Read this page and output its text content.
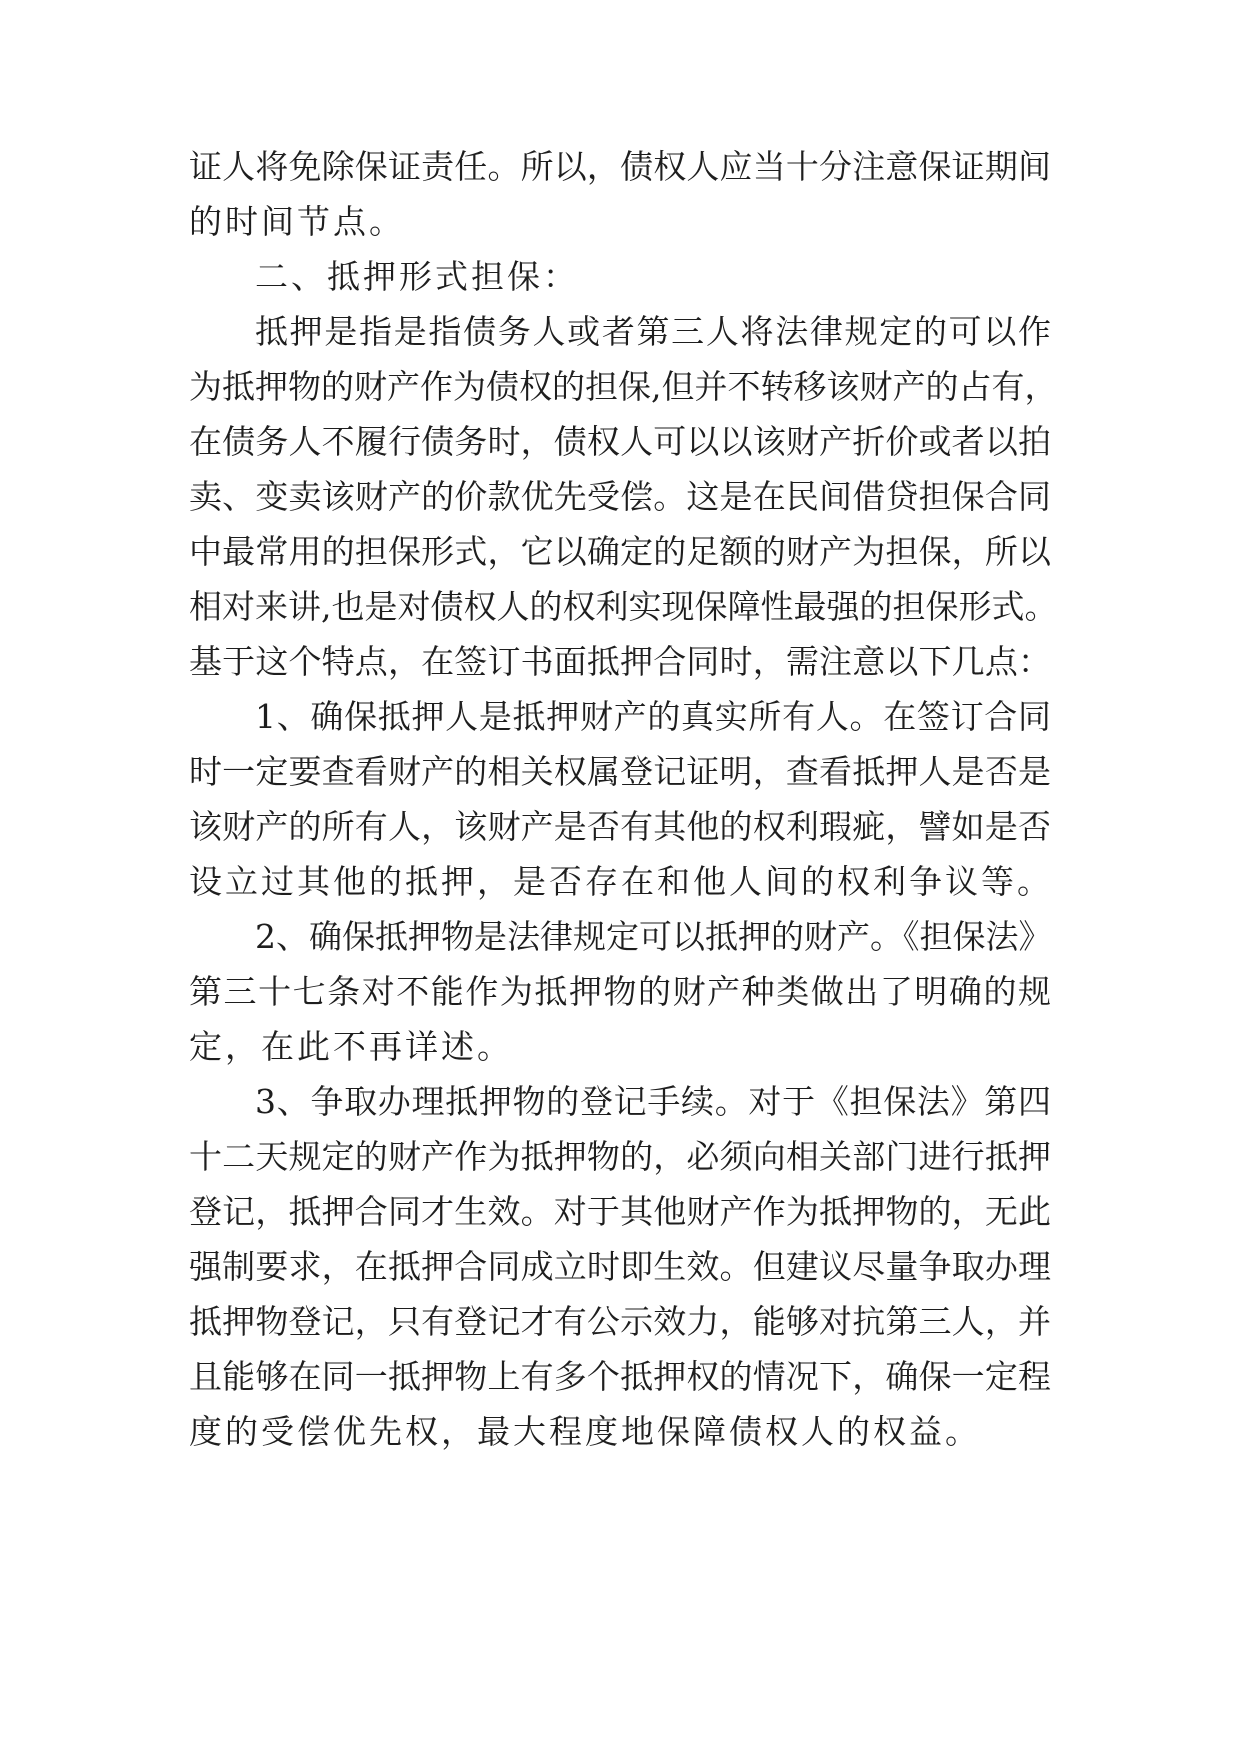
证人将免除保证责任。所以，债权人应当十分注意保证期间
的时间节点。
二、抵押形式担保：
抵押是指是指债务人或者第三人将法律规定的可以作
为抵押物的财产作为债权的担保,但并不转移该财产的占有，
在债务人不履行债务时，债权人可以以该财产折价或者以拍
卖、变卖该财产的价款优先受偿。这是在民间借贷担保合同
中最常用的担保形式，它以确定的足额的财产为担保，所以
相对来讲,也是对债权人的权利实现保障性最强的担保形式。
基于这个特点，在签订书面抵押合同时，需注意以下几点：
1、确保抵押人是抵押财产的真实所有人。在签订合同
时一定要查看财产的相关权属登记证明，查看抵押人是否是
该财产的所有人，该财产是否有其他的权利瑕疵，譬如是否
设立过其他的抵押，是否存在和他人间的权利争议等。
2、确保抵押物是法律规定可以抵押的财产。《担保法》
第三十七条对不能作为抵押物的财产种类做出了明确的规
定，在此不再详述。
3、争取办理抵押物的登记手续。对于《担保法》第四
十二天规定的财产作为抵押物的，必须向相关部门进行抵押
登记，抵押合同才生效。对于其他财产作为抵押物的，无此
强制要求，在抵押合同成立时即生效。但建议尽量争取办理
抵押物登记，只有登记才有公示效力，能够对抗第三人，并
且能够在同一抵押物上有多个抵押权的情况下，确保一定程
度的受偿优先权，最大程度地保障债权人的权益。
